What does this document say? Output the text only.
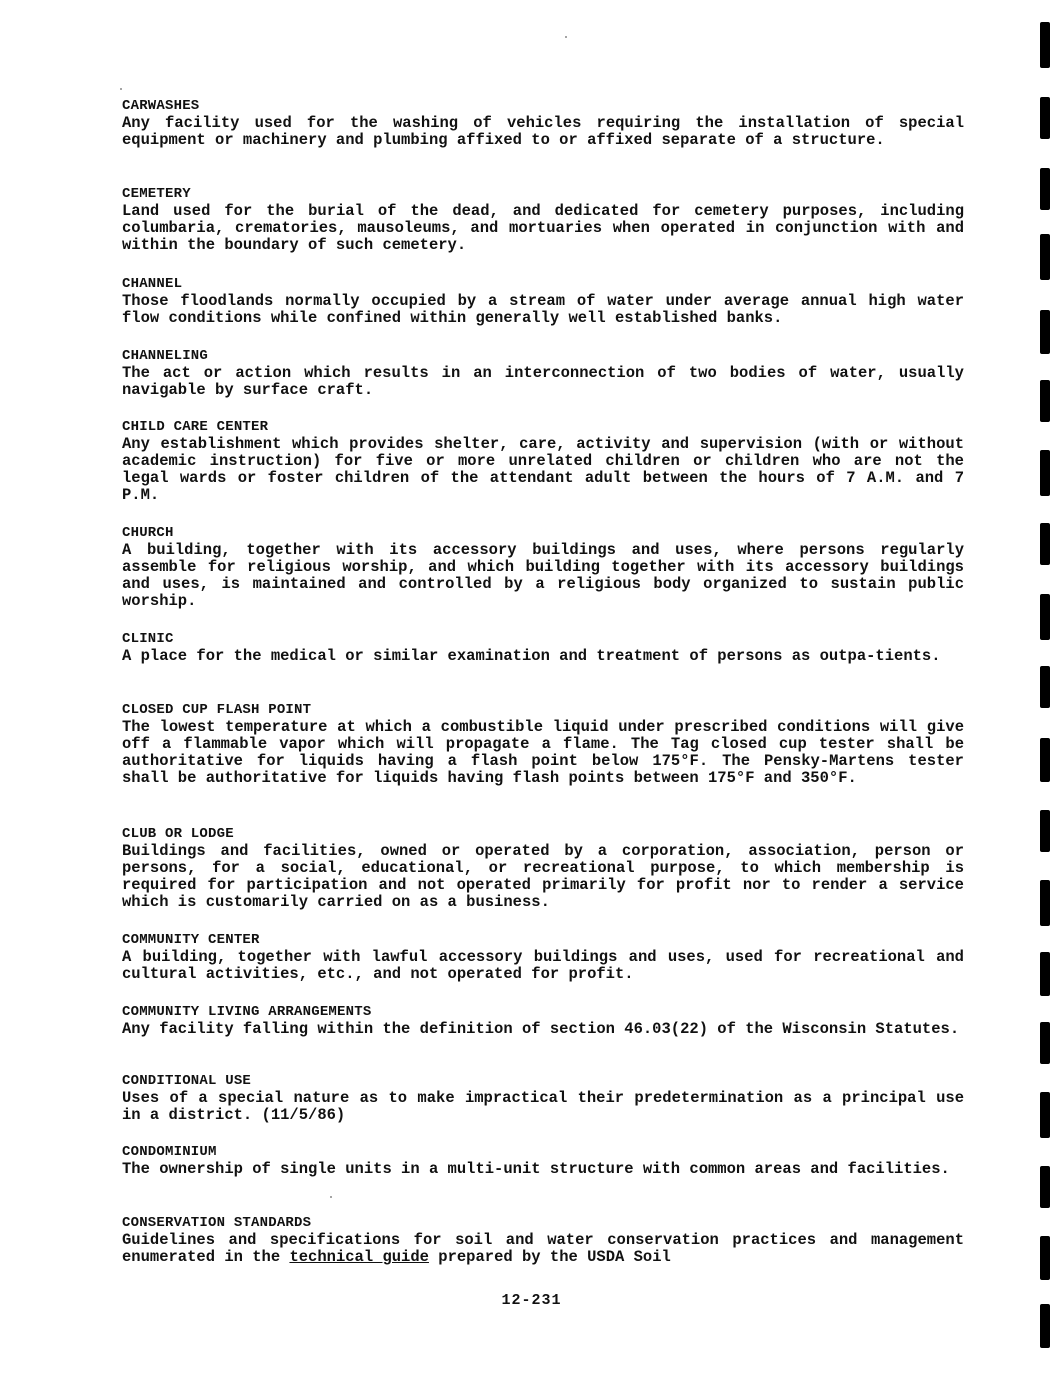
CARWASHES

Any facility used for the washing of vehicles requiring the installation of special equipment or machinery and plumbing affixed to or affixed separate of a structure.

CEMETERY

Land used for the burial of the dead, and dedicated for cemetery purposes, including columbaria, crematories, mausoleums, and mortuaries when operated in conjunction with and within the boundary of such cemetery.

CHANNEL

Those floodlands normally occupied by a stream of water under average annual high water flow conditions while confined within generally well established banks.

CHANNELING

The act or action which results in an interconnection of two bodies of water, usually navigable by surface craft.

CHILD CARE CENTER

Any establishment which provides shelter, care, activity and supervision (with or without academic instruction) for five or more unrelated children or children who are not the legal wards or foster children of the attendant adult between the hours of 7 A.M. and 7 P.M.

CHURCH

A building, together with its accessory buildings and uses, where persons regularly assemble for religious worship, and which building together with its accessory buildings and uses, is maintained and controlled by a religious body organized to sustain public worship.

CLINIC

A place for the medical or similar examination and treatment of persons as outpa-tients.

CLOSED CUP FLASH POINT

The lowest temperature at which a combustible liquid under prescribed conditions will give off a flammable vapor which will propagate a flame. The Tag closed cup tester shall be authoritative for liquids having a flash point below 175°F. The Pensky-Martens tester shall be authoritative for liquids having flash points between 175°F and 350°F.

CLUB OR LODGE

Buildings and facilities, owned or operated by a corporation, association, person or persons, for a social, educational, or recreational purpose, to which membership is required for participation and not operated primarily for profit nor to render a service which is customarily carried on as a business.

COMMUNITY CENTER

A building, together with lawful accessory buildings and uses, used for recreational and cultural activities, etc., and not operated for profit.

COMMUNITY LIVING ARRANGEMENTS

Any facility falling within the definition of section 46.03(22) of the Wisconsin Statutes.

CONDITIONAL USE

Uses of a special nature as to make impractical their predetermination as a principal use in a district. (11/5/86)

CONDOMINIUM

The ownership of single units in a multi-unit structure with common areas and facilities.

CONSERVATION STANDARDS

Guidelines and specifications for soil and water conservation practices and management enumerated in the technical guide prepared by the USDA Soil

12-231
